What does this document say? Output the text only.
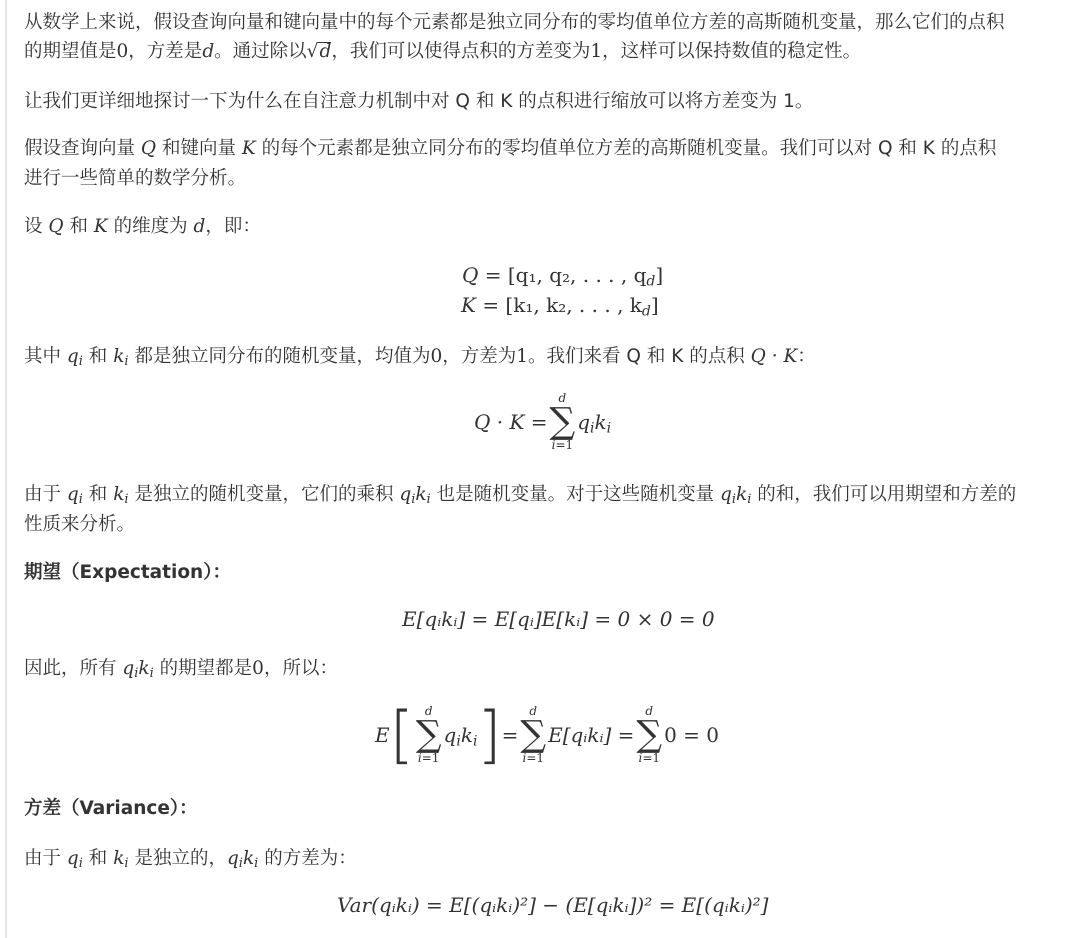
从数学上来说，假设查询向量和键向量中的每个元素都是独立同分布的零均值单位方差的高斯随机变量，那么它们的点积
的期望值是0，方差是d。通过除以√d，我们可以使得点积的方差变为1，这样可以保持数值的稳定性。
让我们更详细地探讨一下为什么在自注意力机制中对 Q 和 K 的点积进行缩放可以将方差变为 1。
假设查询向量 Q 和键向量 K 的每个元素都是独立同分布的零均值单位方差的高斯随机变量。我们可以对 Q 和 K 的点积
进行一些简单的数学分析。
设 Q 和 K 的维度为 d，即：
Q = [q₁, q₂, . . . , $q_d$]
K = [k₁, k₂, . . . , $k_d$]
其中 $q_i$ 和 $k_i$ 都是独立同分布的随机变量，均值为0，方差为1。我们来看 Q 和 K 的点积 Q · K：
Q · K =
d
∑
i=1
$q_ik_i$
由于 $q_i$ 和 $k_i$ 是独立的随机变量，它们的乘积 $q_ik_i$ 也是随机变量。对于这些随机变量 $q_ik_i$ 的和，我们可以用期望和方差的
性质来分析。
期望（Expectation）：
E[qᵢkᵢ] = E[qᵢ]E[kᵢ] = 0 × 0 = 0
因此，所有 $q_ik_i$ 的期望都是0，所以：
E [ d
∑
i=1
$q_ik_i$ ] =
d
∑
i=1
E[qᵢkᵢ] =
d
∑
i=1
0 = 0
方差（Variance）：
由于 $q_i$ 和 $k_i$ 是独立的，$q_ik_i$ 的方差为：
Var(qᵢkᵢ) = E[(qᵢkᵢ)²] − (E[qᵢkᵢ])² = E[(qᵢkᵢ)²]
